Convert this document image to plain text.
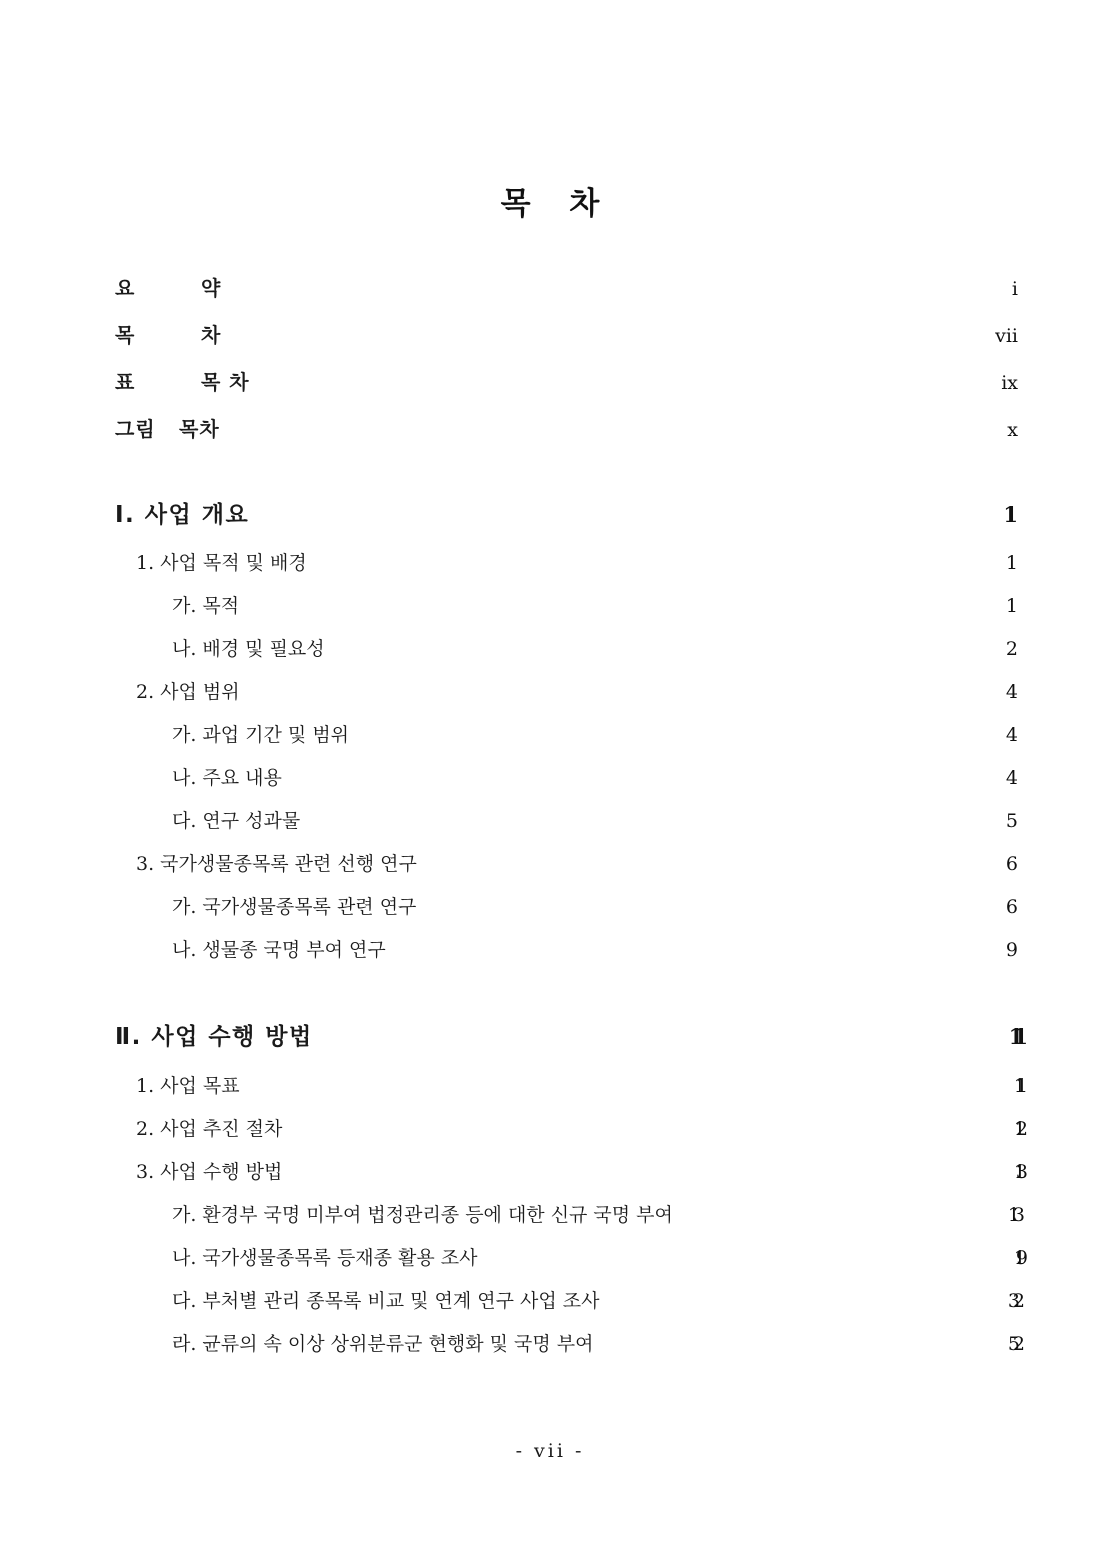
목 차
요	약 ·····	i
목	차 ·····	vii
표	목 차 ·····	ix
그림 목차 ·····	x
Ⅰ. 사업 개요 ·····	1
1. 사업 목적 및 배경 ·····	1
가. 목적 ·····	1
나. 배경 및 필요성 ·····	2
2. 사업 범위 ·····	4
가. 과업 기간 및 범위 ·····	4
나. 주요 내용 ·····	4
다. 연구 성과물 ·····	5
3. 국가생물종목록 관련 선행 연구 ·····	6
가. 국가생물종목록 관련 연구 ·····	6
나. 생물종 국명 부여 연구 ·····	9
Ⅱ. 사업 수행 방법 ·····	11
1. 사업 목표 ·····	11
2. 사업 추진 절차 ·····	12
3. 사업 수행 방법 ·····	13
가. 환경부 국명 미부여 법정관리종 등에 대한 신규 국명 부여 ·····	13
나. 국가생물종목록 등재종 활용 조사 ·····	19
다. 부처별 관리 종목록 비교 및 연계 연구 사업 조사 ·····	32
라. 균류의 속 이상 상위분류군 현행화 및 국명 부여 ·····	52
- vii -
